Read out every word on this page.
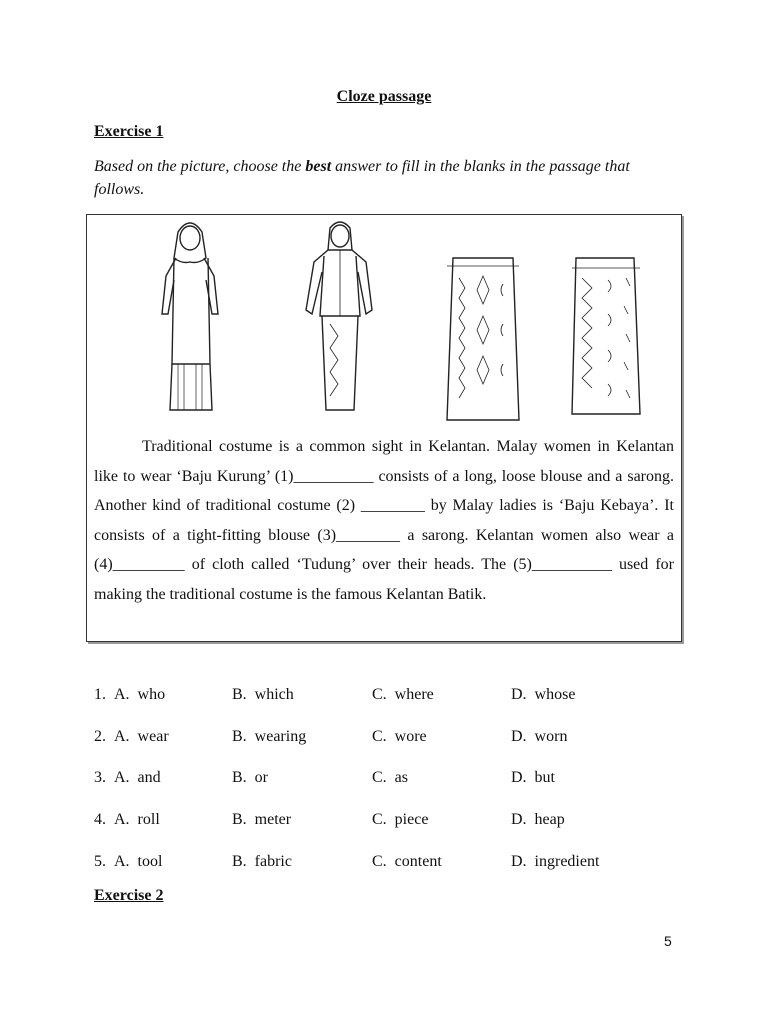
Cloze passage
Exercise 1
Based on the picture, choose the best answer to fill in the blanks in the passage that follows.
Traditional costume is a common sight in Kelantan. Malay women in Kelantan like to wear ‘Baju Kurung’ (1)__________ consists of a long, loose blouse and a sarong. Another kind of traditional costume (2) ________ by Malay ladies is ‘Baju Kebaya’. It consists of a tight-fitting blouse (3)________ a sarong. Kelantan women also wear a (4)_________ of cloth called ‘Tudung’ over their heads. The (5)__________ used for making the traditional costume is the famous Kelantan Batik.
1. A.  who	B.  which	C.  where	D.  whose
2. A.  wear	B.  wearing	C.  wore	D.  worn
3. A.  and	B.  or	C.  as	D.  but
4. A.  roll	B.  meter	C.  piece	D.  heap
5. A.  tool	B.  fabric	C.  content	D.  ingredient
Exercise 2
5
